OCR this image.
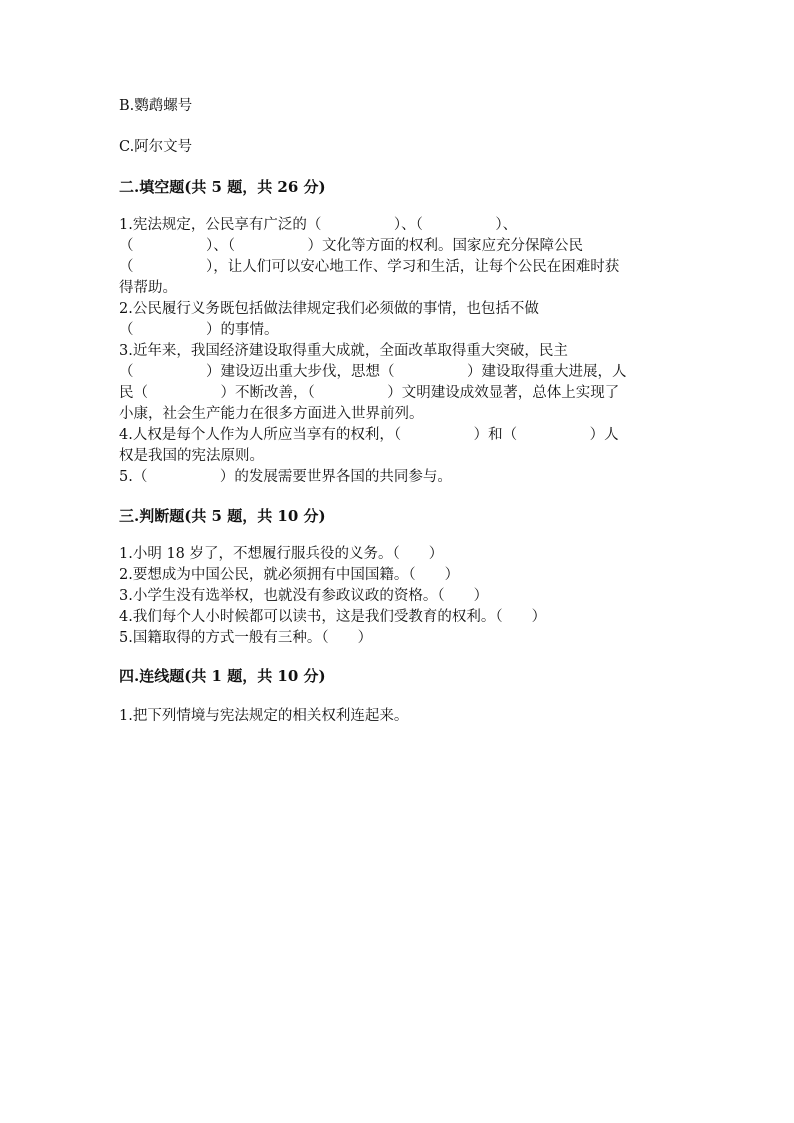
B.鹦鹉螺号
C.阿尔文号
二.填空题(共 5 题，共 26 分)
1.宪法规定，公民享有广泛的（　　　　　）、（　　　　　）、
（　　　　　）、（　　　　　）文化等方面的权利。国家应充分保障公民
（　　　　　），让人们可以安心地工作、学习和生活，让每个公民在困难时获
得帮助。
2.公民履行义务既包括做法律规定我们必须做的事情，也包括不做
（　　　　　）的事情。
3.近年来，我国经济建设取得重大成就，全面改革取得重大突破，民主
（　　　　　）建设迈出重大步伐，思想（　　　　　）建设取得重大进展，人
民（　　　　　）不断改善，（　　　　　）文明建设成效显著，总体上实现了
小康，社会生产能力在很多方面进入世界前列。
4.人权是每个人作为人所应当享有的权利，（　　　　　）和（　　　　　）人
权是我国的宪法原则。
5.（　　　　　）的发展需要世界各国的共同参与。
三.判断题(共 5 题，共 10 分)
1.小明 18 岁了，不想履行服兵役的义务。（　　）
2.要想成为中国公民，就必须拥有中国国籍。（　　）
3.小学生没有选举权，也就没有参政议政的资格。（　　）
4.我们每个人小时候都可以读书，这是我们受教育的权利。（　　）
5.国籍取得的方式一般有三种。（　　）
四.连线题(共 1 题，共 10 分)
1.把下列情境与宪法规定的相关权利连起来。
